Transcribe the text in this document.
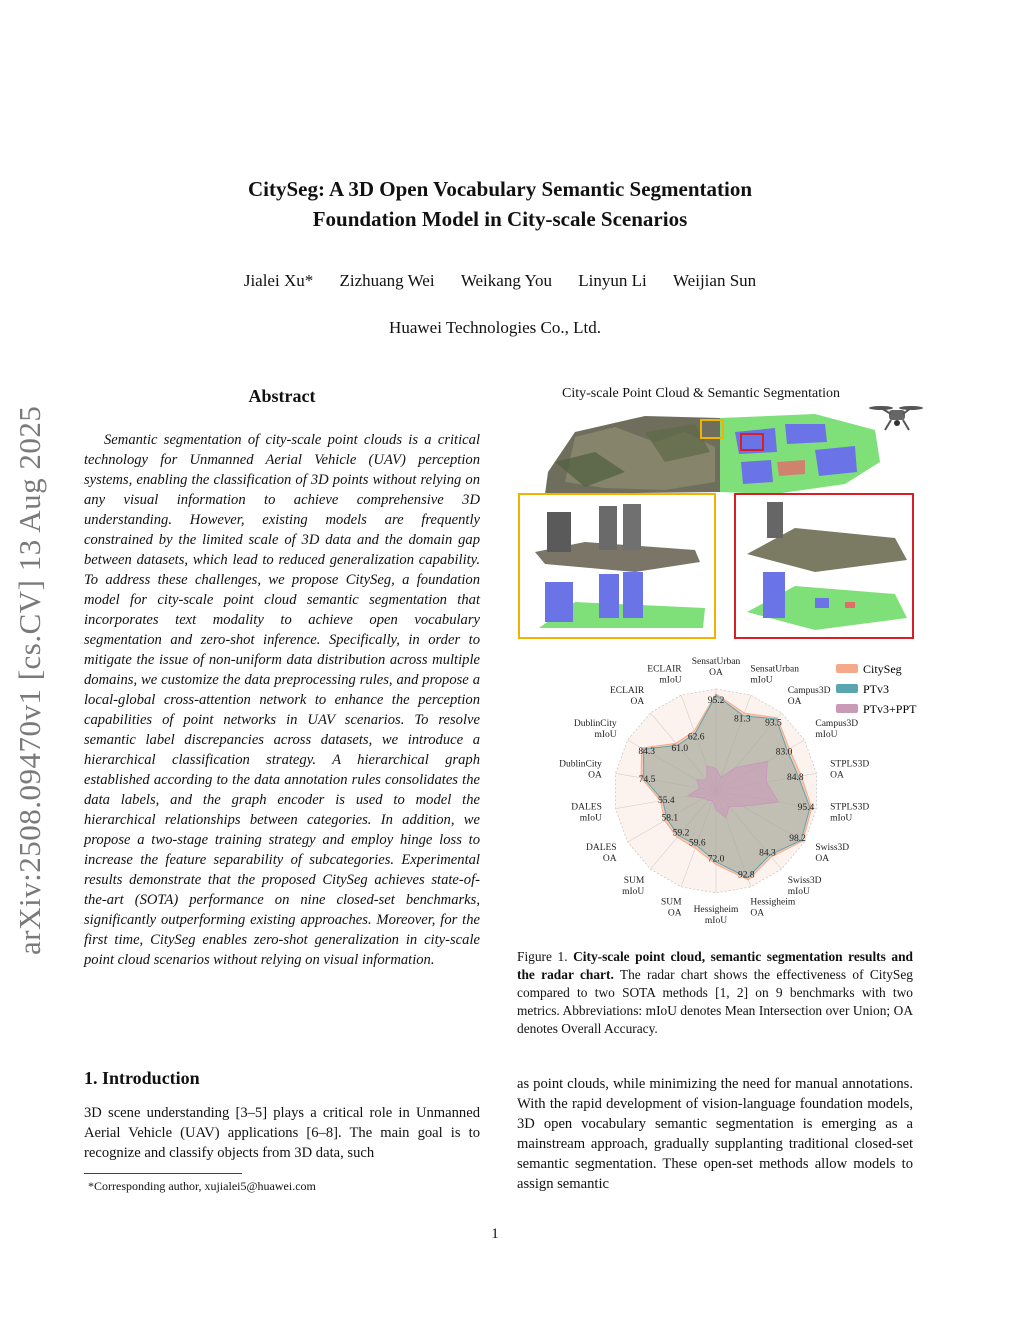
CitySeg: A 3D Open Vocabulary Semantic Segmentation
Foundation Model in City-scale Scenarios
Jialei Xu* Zizhuang Wei Weikang You Linyun Li Weijian Sun
Huawei Technologies Co., Ltd.
arXiv:2508.09470v1 [cs.CV] 13 Aug 2025
Abstract
Semantic segmentation of city-scale point clouds is a critical technology for Unmanned Aerial Vehicle (UAV) perception systems, enabling the classification of 3D points without relying on any visual information to achieve comprehensive 3D understanding. However, existing models are frequently constrained by the limited scale of 3D data and the domain gap between datasets, which lead to reduced generalization capability. To address these challenges, we propose CitySeg, a foundation model for city-scale point cloud semantic segmentation that incorporates text modality to achieve open vocabulary segmentation and zero-shot inference. Specifically, in order to mitigate the issue of non-uniform data distribution across multiple domains, we customize the data preprocessing rules, and propose a local-global cross-attention network to enhance the perception capabilities of point networks in UAV scenarios. To resolve semantic label discrepancies across datasets, we introduce a hierarchical classification strategy. A hierarchical graph established according to the data annotation rules consolidates the data labels, and the graph encoder is used to model the hierarchical relationships between categories. In addition, we propose a two-stage training strategy and employ hinge loss to increase the feature separability of subcategories. Experimental results demonstrate that the proposed CitySeg achieves state-of-the-art (SOTA) performance on nine closed-set benchmarks, significantly outperforming existing approaches. Moreover, for the first time, CitySeg enables zero-shot generalization in city-scale point cloud scenarios without relying on visual information.
1. Introduction
3D scene understanding [3–5] plays a critical role in Unmanned Aerial Vehicle (UAV) applications [6–8]. The main goal is to recognize and classify objects from 3D data, such
*Corresponding author, xujialei5@huawei.com
as point clouds, while minimizing the need for manual annotations. With the rapid development of vision-language foundation models, 3D open vocabulary semantic segmentation is emerging as a mainstream approach, gradually supplanting traditional closed-set semantic segmentation. These open-set methods allow models to assign semantic
City-scale Point Cloud & Semantic Segmentation
95.2
81.3 93.5
83.0
84.8
95.4
98.2
84.3
92.8
72.0
59.6
59.2
58.1
55.4
74.5
84.3 61.0
62.6
SensatUrban OA	SensatUrban mIoU
Campus3D OA
Campus3D mIoU
STPLS3D OA
STPLS3D mIoU
Swiss3D OA
Swiss3D mIoU
Hessigheim OA
Hessigheim mIoU
SUM OA
SUM mIoU
DALES OA
DALES mIoU
DublinCity OA
DublinCity mIoU
ECLAIR OA
ECLAIR mIoU
CitySeg
PTv3
PTv3+PPT
Figure 1. City-scale point cloud, semantic segmentation results and the radar chart. The radar chart shows the effectiveness of CitySeg compared to two SOTA methods [1, 2] on 9 benchmarks with two metrics. Abbreviations: mIoU denotes Mean Intersection over Union; OA denotes Overall Accuracy.
1
